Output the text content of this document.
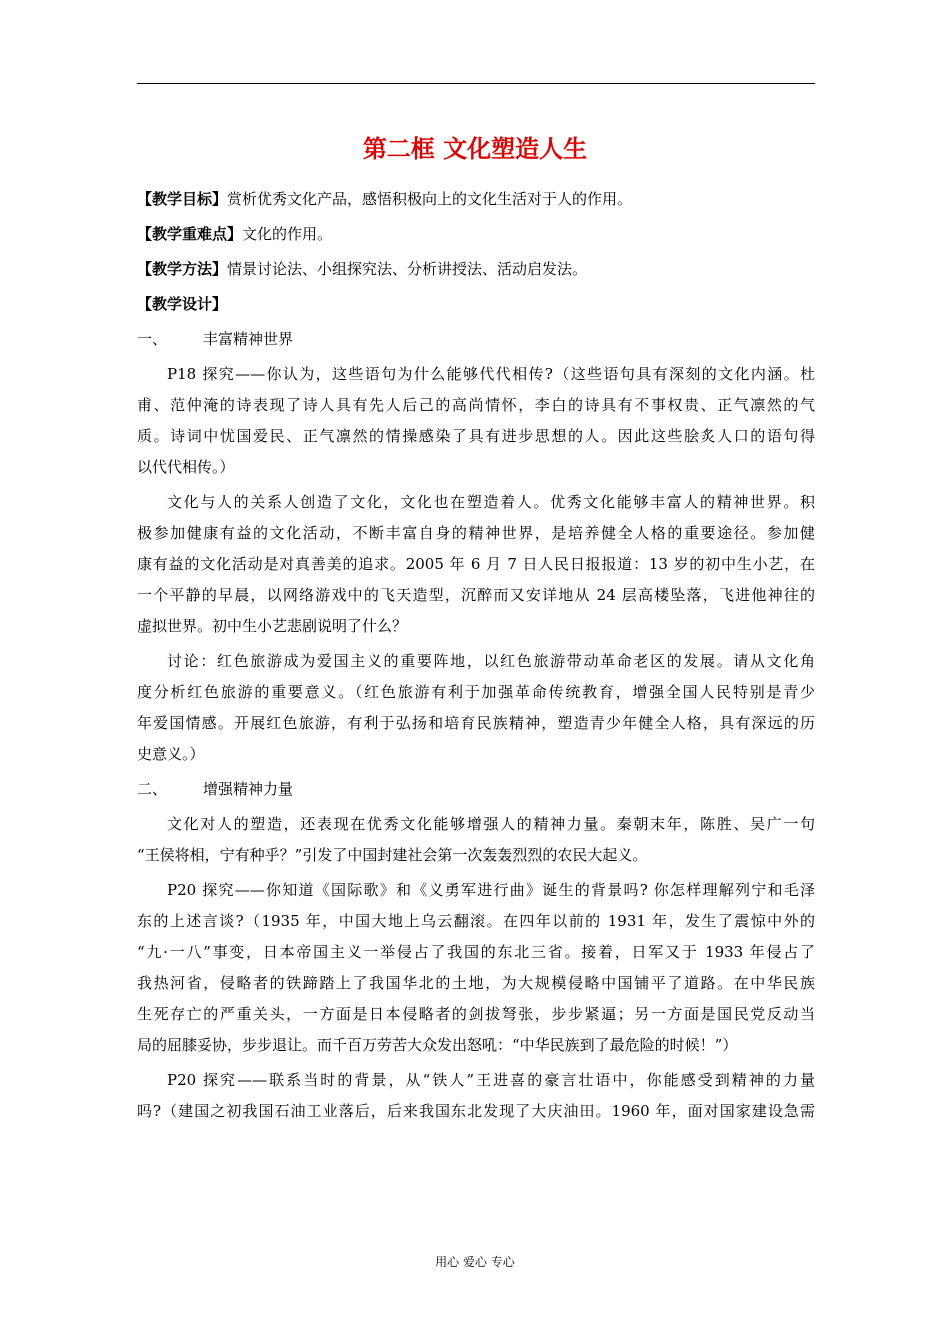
第二框 文化塑造人生
【教学目标】赏析优秀文化产品，感悟积极向上的文化生活对于人的作用。
【教学重难点】文化的作用。
【教学方法】情景讨论法、小组探究法、分析讲授法、活动启发法。
【教学设计】
一、 丰富精神世界
P18 探究——你认为，这些语句为什么能够代代相传?（这些语句具有深刻的文化内涵。杜
甫、范仲淹的诗表现了诗人具有先人后己的高尚情怀，李白的诗具有不事权贵、正气凛然的气
质。诗词中忧国爱民、正气凛然的情操感染了具有进步思想的人。因此这些脍炙人口的语句得
以代代相传。）
文化与人的关系人创造了文化，文化也在塑造着人。优秀文化能够丰富人的精神世界。积
极参加健康有益的文化活动，不断丰富自身的精神世界，是培养健全人格的重要途径。参加健
康有益的文化活动是对真善美的追求。2005 年 6 月 7 日人民日报报道：13 岁的初中生小艺，在
一个平静的早晨，以网络游戏中的飞天造型，沉醉而又安详地从 24 层高楼坠落，飞进他神往的
虚拟世界。初中生小艺悲剧说明了什么？
讨论：红色旅游成为爱国主义的重要阵地，以红色旅游带动革命老区的发展。请从文化角
度分析红色旅游的重要意义。（红色旅游有利于加强革命传统教育，增强全国人民特别是青少
年爱国情感。开展红色旅游，有利于弘扬和培育民族精神，塑造青少年健全人格，具有深远的历
史意义。）
二、 增强精神力量
文化对人的塑造，还表现在优秀文化能够增强人的精神力量。秦朝末年，陈胜、吴广一句
“王侯将相，宁有种乎？”引发了中国封建社会第一次轰轰烈烈的农民大起义。
P20 探究——你知道《国际歌》和《义勇军进行曲》诞生的背景吗? 你怎样理解列宁和毛泽
东的上述言谈?（1935 年，中国大地上乌云翻滚。在四年以前的 1931 年，发生了震惊中外的
“九·一八”事变，日本帝国主义一举侵占了我国的东北三省。接着，日军又于 1933 年侵占了
我热河省，侵略者的铁蹄踏上了我国华北的土地，为大规模侵略中国铺平了道路。在中华民族
生死存亡的严重关头，一方面是日本侵略者的剑拔弩张，步步紧逼；另一方面是国民党反动当
局的屈膝妥协，步步退让。而千百万劳苦大众发出怒吼：“中华民族到了最危险的时候！”）
P20 探究——联系当时的背景，从“铁人”王进喜的豪言壮语中，你能感受到精神的力量
吗?（建国之初我国石油工业落后，后来我国东北发现了大庆油田。1960 年，面对国家建设急需
用心 爱心 专心
